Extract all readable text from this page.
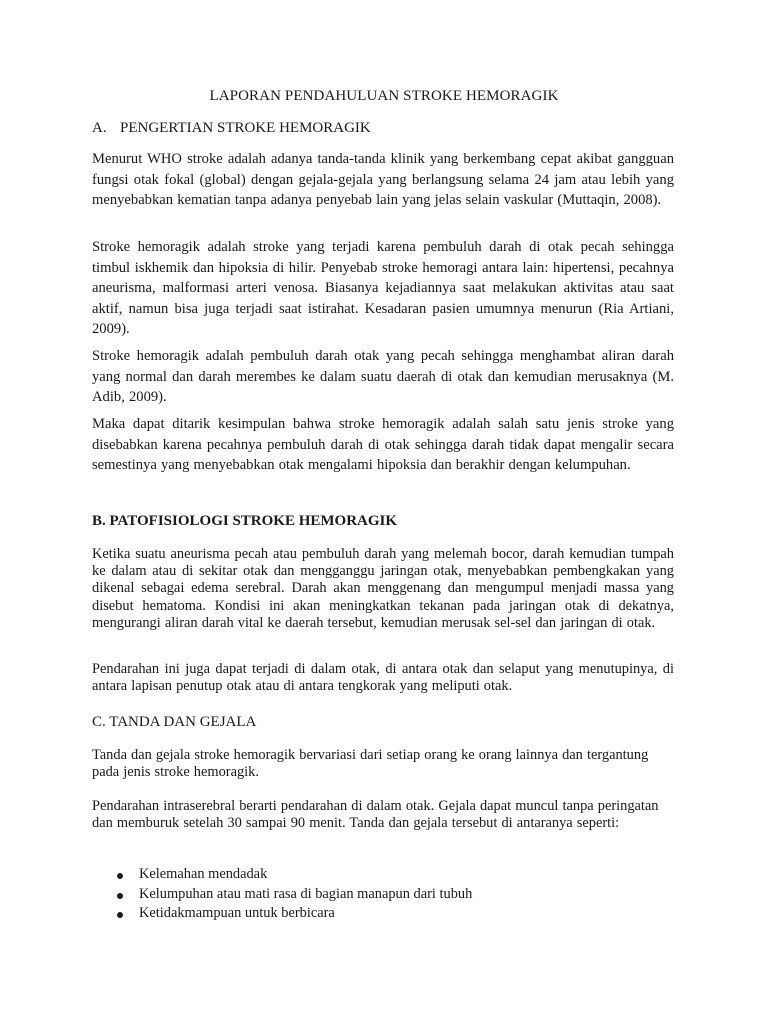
LAPORAN PENDAHULUAN STROKE HEMORAGIK
A. PENGERTIAN STROKE HEMORAGIK

Menurut WHO stroke adalah adanya tanda-tanda klinik yang berkembang cepat akibat gangguan fungsi otak fokal (global) dengan gejala-gejala yang berlangsung selama 24 jam atau lebih yang menyebabkan kematian tanpa adanya penyebab lain yang jelas selain vaskular (Muttaqin, 2008).

Stroke hemoragik adalah stroke yang terjadi karena pembuluh darah di otak pecah sehingga timbul iskhemik dan hipoksia di hilir. Penyebab stroke hemoragi antara lain: hipertensi, pecahnya aneurisma, malformasi arteri venosa. Biasanya kejadiannya saat melakukan aktivitas atau saat aktif, namun bisa juga terjadi saat istirahat. Kesadaran pasien umumnya menurun (Ria Artiani, 2009).

Stroke hemoragik adalah pembuluh darah otak yang pecah sehingga menghambat aliran darah yang normal dan darah merembes ke dalam suatu daerah di otak dan kemudian merusaknya (M. Adib, 2009).

Maka dapat ditarik kesimpulan bahwa stroke hemoragik adalah salah satu jenis stroke yang disebabkan karena pecahnya pembuluh darah di otak sehingga darah tidak dapat mengalir secara semestinya yang menyebabkan otak mengalami hipoksia dan berakhir dengan kelumpuhan.

B. PATOFISIOLOGI STROKE HEMORAGIK

Ketika suatu aneurisma pecah atau pembuluh darah yang melemah bocor, darah kemudian tumpah ke dalam atau di sekitar otak dan mengganggu jaringan otak, menyebabkan pembengkakan yang dikenal sebagai edema serebral. Darah akan menggenang dan mengumpul menjadi massa yang disebut hematoma. Kondisi ini akan meningkatkan tekanan pada jaringan otak di dekatnya, mengurangi aliran darah vital ke daerah tersebut, kemudian merusak sel-sel dan jaringan di otak.

Pendarahan ini juga dapat terjadi di dalam otak, di antara otak dan selaput yang menutupinya, di antara lapisan penutup otak atau di antara tengkorak yang meliputi otak.

C. TANDA DAN GEJALA

Tanda dan gejala stroke hemoragik bervariasi dari setiap orang ke orang lainnya dan tergantung pada jenis stroke hemoragik.

Pendarahan intraserebral berarti pendarahan di dalam otak. Gejala dapat muncul tanpa peringatan dan memburuk setelah 30 sampai 90 menit. Tanda dan gejala tersebut di antaranya seperti:

Kelemahan mendadak
Kelumpuhan atau mati rasa di bagian manapun dari tubuh
Ketidakmampuan untuk berbicara
